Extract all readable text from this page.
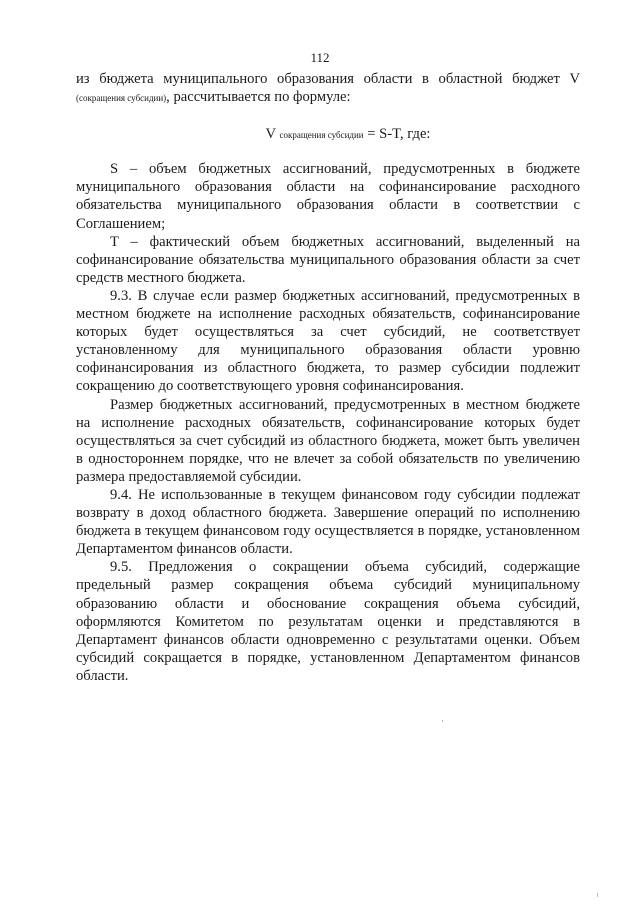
112

из бюджета муниципального образования области в областной бюджет V (сокращения субсидии), рассчитывается по формуле:

V сокращения субсидии = S-T, где:

S – объем бюджетных ассигнований, предусмотренных в бюджете муниципального образования области на софинансирование расходного обязательства муниципального образования области в соответствии с Соглашением;

T – фактический объем бюджетных ассигнований, выделенный на софинансирование обязательства муниципального образования области за счет средств местного бюджета.

9.3. В случае если размер бюджетных ассигнований, предусмотренных в местном бюджете на исполнение расходных обязательств, софинансирование которых будет осуществляться за счет субсидий, не соответствует установленному для муниципального образования области уровню софинансирования из областного бюджета, то размер субсидии подлежит сокращению до соответствующего уровня софинансирования.

Размер бюджетных ассигнований, предусмотренных в местном бюджете на исполнение расходных обязательств, софинансирование которых будет осуществляться за счет субсидий из областного бюджета, может быть увеличен в одностороннем порядке, что не влечет за собой обязательств по увеличению размера предоставляемой субсидии.

9.4. Не использованные в текущем финансовом году субсидии подлежат возврату в доход областного бюджета. Завершение операций по исполнению бюджета в текущем финансовом году осуществляется в порядке, установленном Департаментом финансов области.

9.5. Предложения о сокращении объема субсидий, содержащие предельный размер сокращения объема субсидий муниципальному образованию области и обоснование сокращения объема субсидий, оформляются Комитетом по результатам оценки и представляются в Департамент финансов области одновременно с результатами оценки. Объем субсидий сокращается в порядке, установленном Департаментом финансов области.
